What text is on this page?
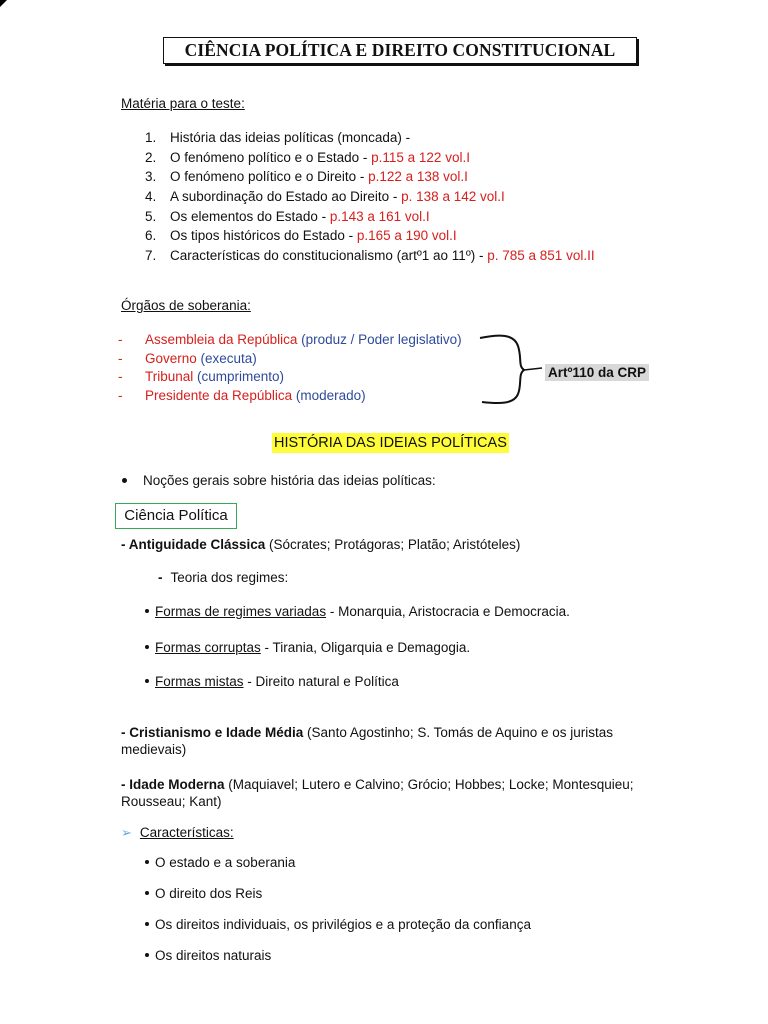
CIÊNCIA POLÍTICA E DIREITO CONSTITUCIONAL
Matéria para o teste:
1. História das ideias políticas (moncada) -
2. O fenómeno político e o Estado - p.115 a 122 vol.I
3. O fenómeno político e o Direito - p.122 a 138 vol.I
4. A subordinação do Estado ao Direito - p. 138 a 142 vol.I
5. Os elementos do Estado - p.143 a 161 vol.I
6. Os tipos históricos do Estado - p.165 a 190 vol.I
7. Características do constitucionalismo (artº1 ao 11º) - p. 785 a 851 vol.II
Órgãos de soberania:
- Assembleia da República (produz / Poder legislativo)
- Governo (executa)
- Tribunal (cumprimento)
- Presidente da República (moderado)
Artº110 da CRP
HISTÓRIA DAS IDEIAS POLÍTICAS
Noções gerais sobre história das ideias políticas:
Ciência Política
- Antiguidade Clássica (Sócrates; Protágoras; Platão; Aristóteles)
- Teoria dos regimes:
Formas de regimes variadas - Monarquia, Aristocracia e Democracia.
Formas corruptas - Tirania, Oligarquia e Demagogia.
Formas mistas - Direito natural e Política
- Cristianismo e Idade Média (Santo Agostinho; S. Tomás de Aquino e os juristas medievais)
- Idade Moderna (Maquiavel; Lutero e Calvino; Grócio; Hobbes; Locke; Montesquieu; Rousseau; Kant)
➢ Características:
O estado e a soberania
O direito dos Reis
Os direitos individuais, os privilégios e a proteção da confiança
Os direitos naturais
